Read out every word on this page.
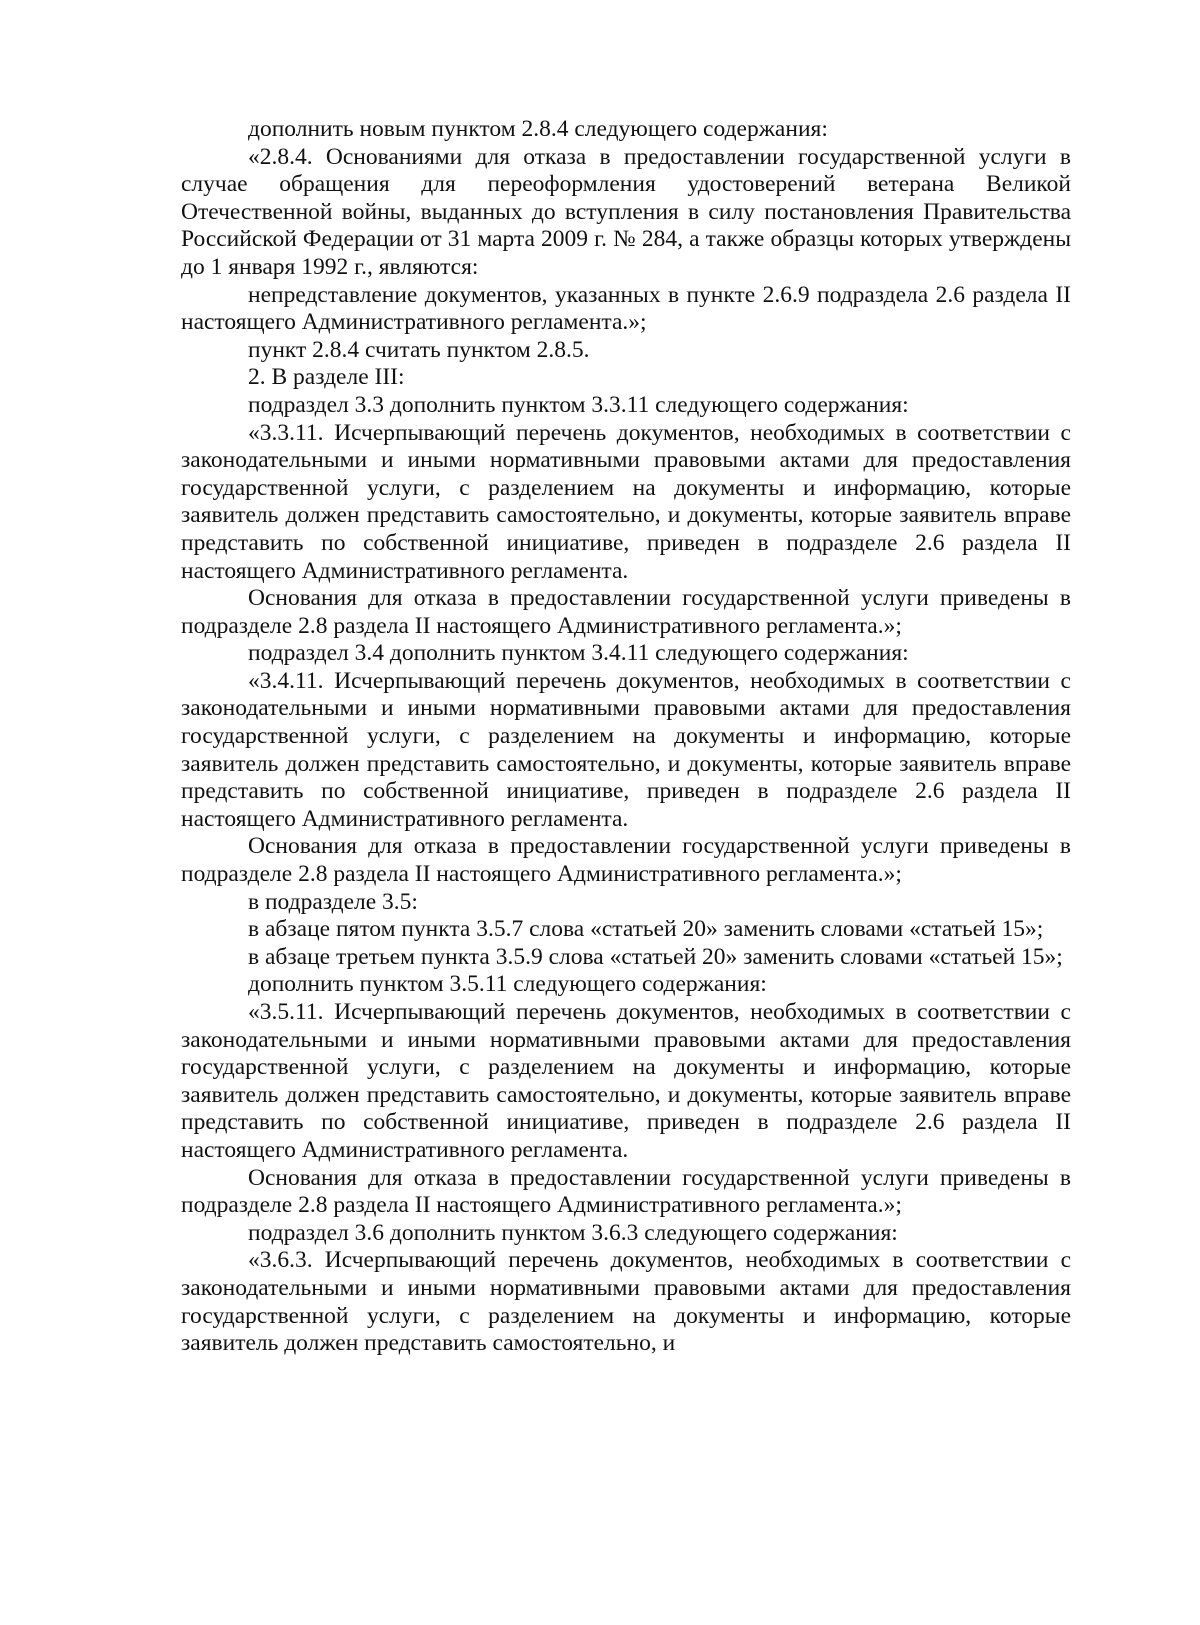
дополнить новым пунктом 2.8.4 следующего содержания:

«2.8.4. Основаниями для отказа в предоставлении государственной услуги в случае обращения для переоформления удостоверений ветерана Великой Отечественной войны, выданных до вступления в силу постановления Правительства Российской Федерации от 31 марта 2009 г. № 284, а также образцы которых утверждены до 1 января 1992 г., являются:

непредставление документов, указанных в пункте 2.6.9 подраздела 2.6 раздела II настоящего Административного регламента.»;

пункт 2.8.4 считать пунктом 2.8.5.

2. В разделе III:

подраздел 3.3 дополнить пунктом 3.3.11 следующего содержания:

«3.3.11. Исчерпывающий перечень документов, необходимых в соответствии с законодательными и иными нормативными правовыми актами для предоставления государственной услуги, с разделением на документы и информацию, которые заявитель должен представить самостоятельно, и документы, которые заявитель вправе представить по собственной инициативе, приведен в подразделе 2.6 раздела II настоящего Административного регламента.

Основания для отказа в предоставлении государственной услуги приведены в подразделе 2.8 раздела II настоящего Административного регламента.»;

подраздел 3.4 дополнить пунктом 3.4.11 следующего содержания:

«3.4.11. Исчерпывающий перечень документов, необходимых в соответствии с законодательными и иными нормативными правовыми актами для предоставления государственной услуги, с разделением на документы и информацию, которые заявитель должен представить самостоятельно, и документы, которые заявитель вправе представить по собственной инициативе, приведен в подразделе 2.6 раздела II настоящего Административного регламента.

Основания для отказа в предоставлении государственной услуги приведены в подразделе 2.8 раздела II настоящего Административного регламента.»;

в подразделе 3.5:

в абзаце пятом пункта 3.5.7 слова «статьей 20» заменить словами «статьей 15»;

в абзаце третьем пункта 3.5.9 слова «статьей 20» заменить словами «статьей 15»;

дополнить пунктом 3.5.11 следующего содержания:

«3.5.11. Исчерпывающий перечень документов, необходимых в соответствии с законодательными и иными нормативными правовыми актами для предоставления государственной услуги, с разделением на документы и информацию, которые заявитель должен представить самостоятельно, и документы, которые заявитель вправе представить по собственной инициативе, приведен в подразделе 2.6 раздела II настоящего Административного регламента.

Основания для отказа в предоставлении государственной услуги приведены в подразделе 2.8 раздела II настоящего Административного регламента.»;

подраздел 3.6 дополнить пунктом 3.6.3 следующего содержания:

«3.6.3. Исчерпывающий перечень документов, необходимых в соответствии с законодательными и иными нормативными правовыми актами для предоставления государственной услуги, с разделением на документы и информацию, которые заявитель должен представить самостоятельно, и
